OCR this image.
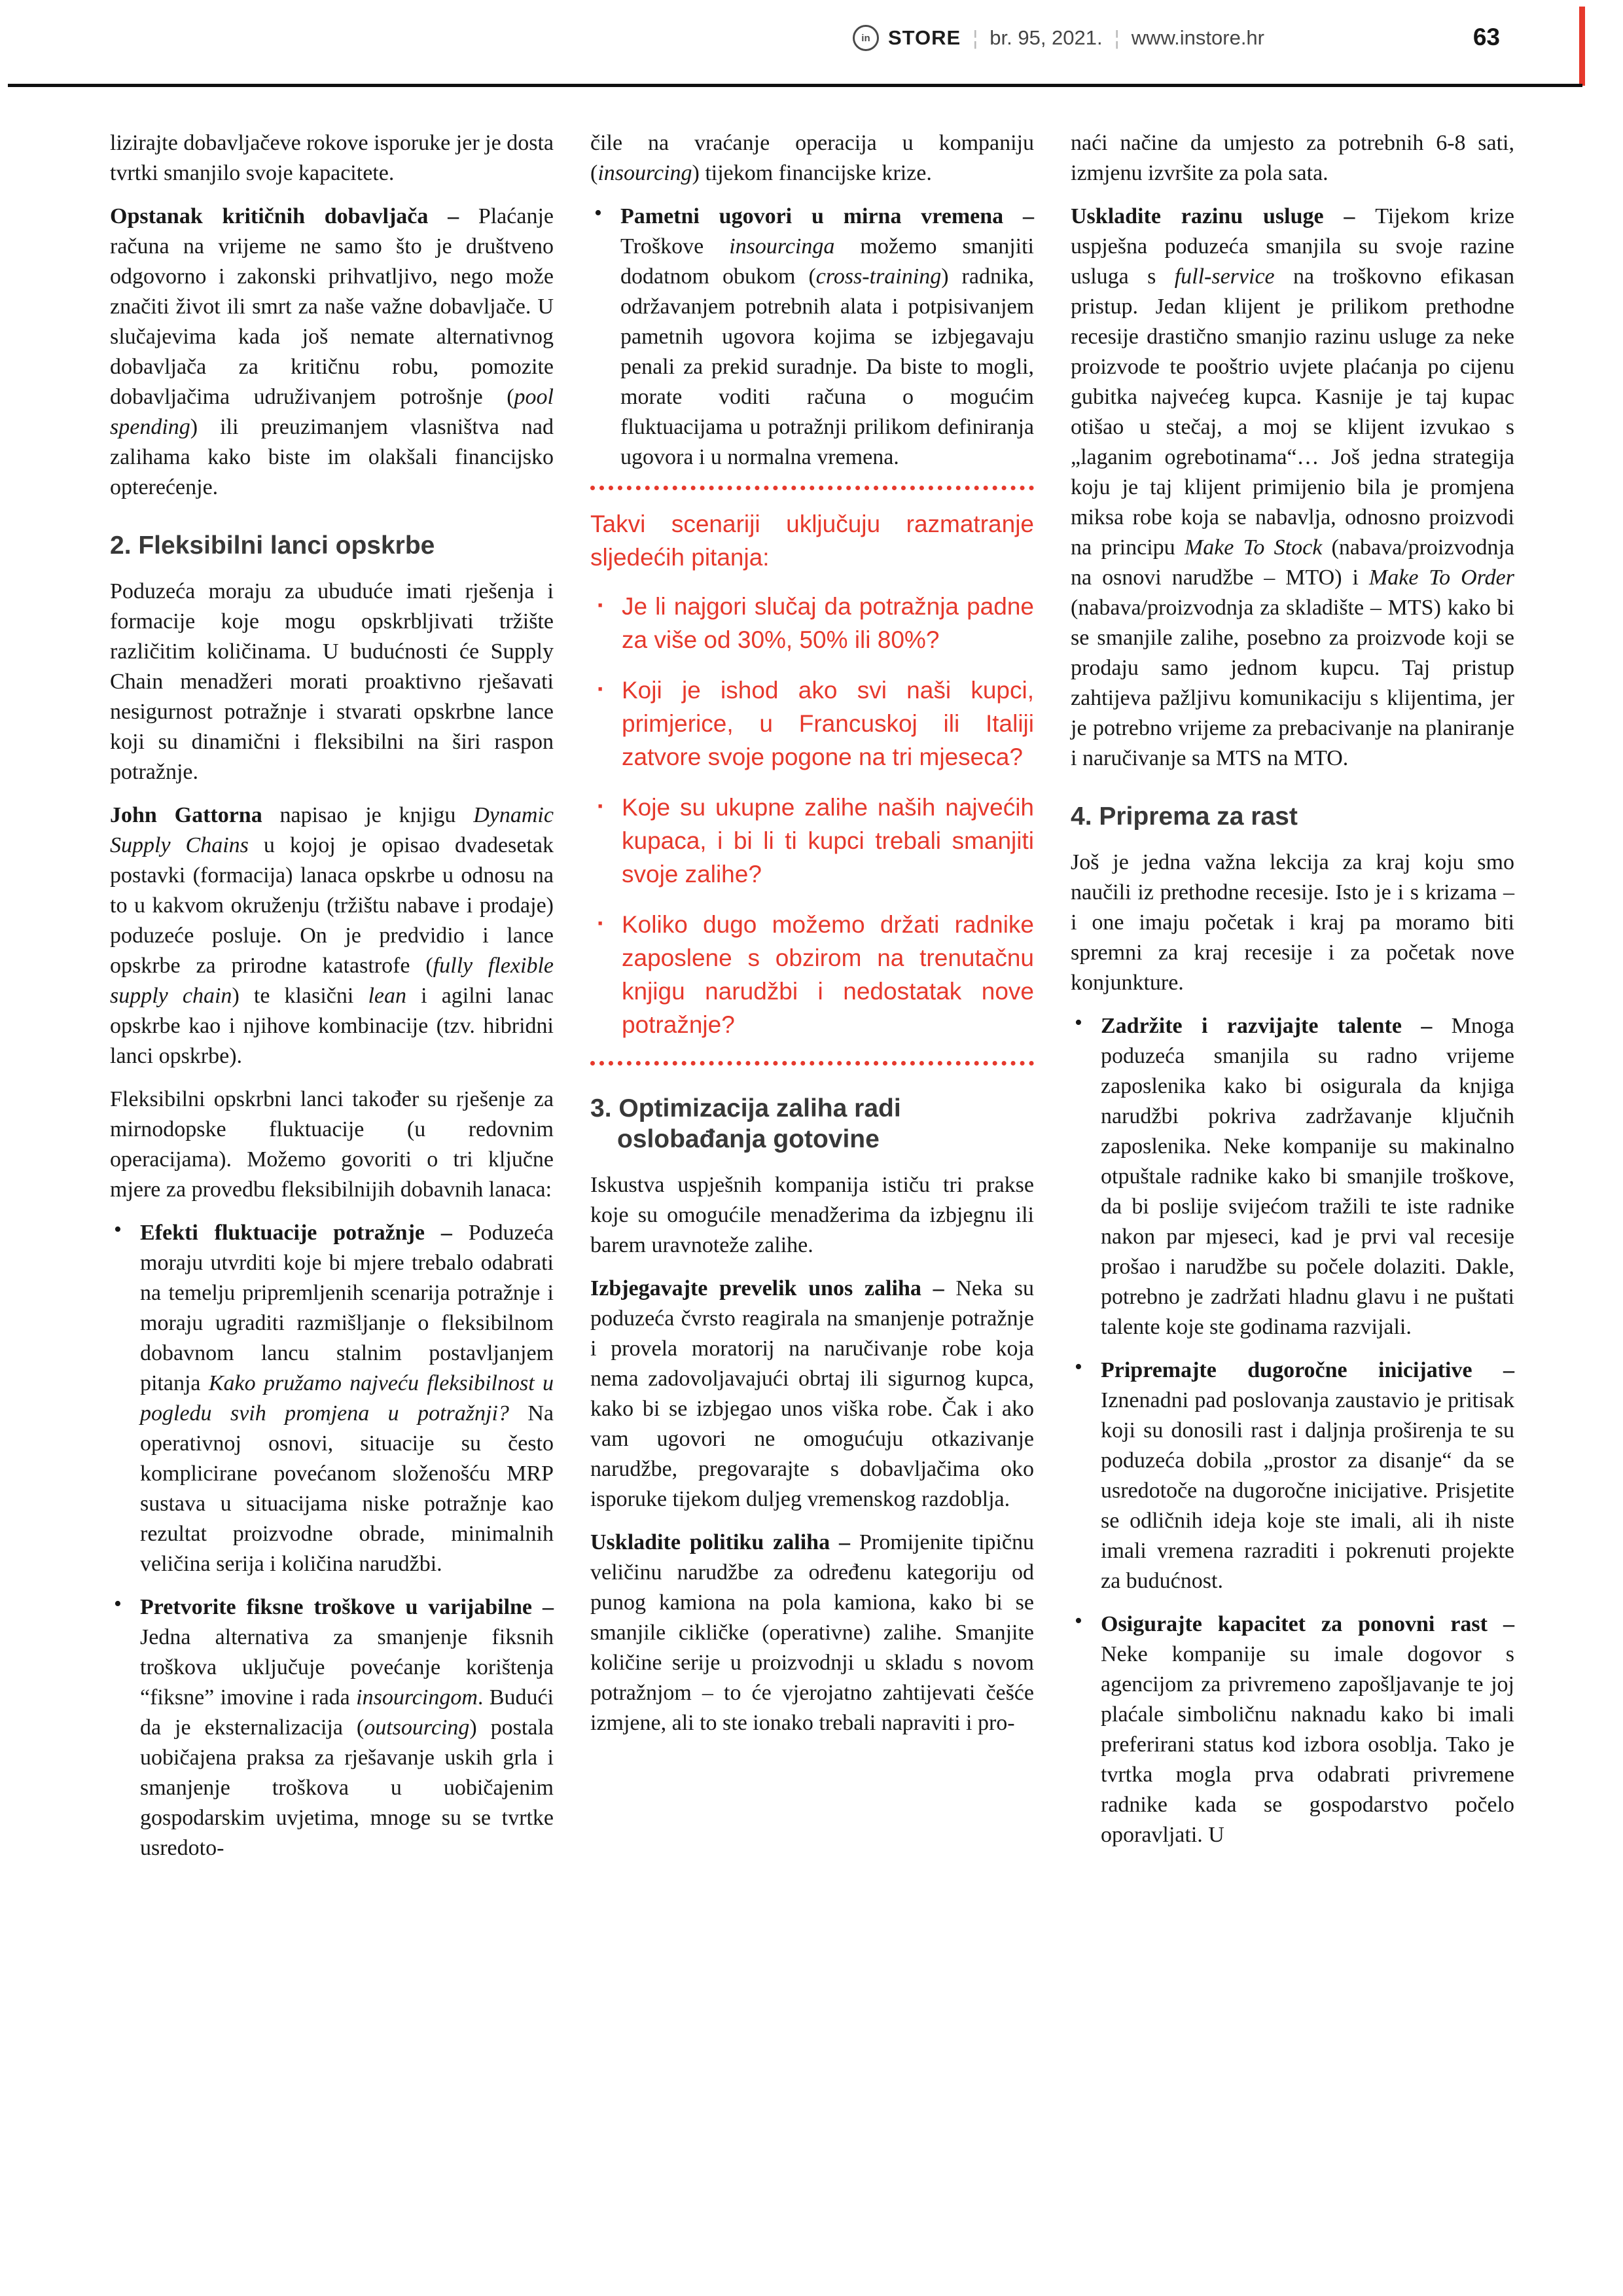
in STORE ¦ br. 95, 2021. ¦ www.instore.hr	63

lizirajte dobavljačeve rokove isporuke jer je dosta tvrtki smanjilo svoje kapacitete.

Opstanak kritičnih dobavljača – Plaćanje računa na vrijeme ne samo što je društveno odgovorno i zakonski prihvatljivo, nego može značiti život ili smrt za naše važne dobavljače. U slučajevima kada još nemate alternativnog dobavljača za kritičnu robu, pomozite dobavljačima udruživanjem potrošnje (pool spending) ili preuzimanjem vlasništva nad zalihama kako biste im olakšali financijsko opterećenje.

2. Fleksibilni lanci opskrbe

Poduzeća moraju za ubuduće imati rješenja i formacije koje mogu opskrbljivati tržište različitim količinama. U budućnosti će Supply Chain menadžeri morati proaktivno rješavati nesigurnost potražnje i stvarati opskrbne lance koji su dinamični i fleksibilni na širi raspon potražnje.

John Gattorna napisao je knjigu Dynamic Supply Chains u kojoj je opisao dvadesetak postavki (formacija) lanaca opskrbe u odnosu na to u kakvom okruženju (tržištu nabave i prodaje) poduzeće posluje. On je predvidio i lance opskrbe za prirodne katastrofe (fully flexible supply chain) te klasični lean i agilni lanac opskrbe kao i njihove kombinacije (tzv. hibridni lanci opskrbe).

Fleksibilni opskrbni lanci također su rješenje za mirnodopske fluktuacije (u redovnim operacijama). Možemo govoriti o tri ključne mjere za provedbu fleksibilnijih dobavnih lanaca:

• Efekti fluktuacije potražnje – Poduzeća moraju utvrditi koje bi mjere trebalo odabrati na temelju pripremljenih scenarija potražnje i moraju ugraditi razmišljanje o fleksibilnom dobavnom lancu stalnim postavljanjem pitanja Kako pružamo najveću fleksibilnost u pogledu svih promjena u potražnji? Na operativnoj osnovi, situacije su često komplicirane povećanom složenošću MRP sustava u situacijama niske potražnje kao rezultat proizvodne obrade, minimalnih veličina serija i količina narudžbi.

• Pretvorite fiksne troškove u varijabilne – Jedna alternativa za smanjenje fiksnih troškova uključuje povećanje korištenja “fiksne” imovine i rada insourcingom. Budući da je eksternalizacija (outsourcing) postala uobičajena praksa za rješavanje uskih grla i smanjenje troškova u uobičajenim gospodarskim uvjetima, mnoge su se tvrtke usredoto-

čile na vraćanje operacija u kompaniju (insourcing) tijekom financijske krize.

• Pametni ugovori u mirna vremena – Troškove insourcinga možemo smanjiti dodatnom obukom (cross-training) radnika, održavanjem potrebnih alata i potpisivanjem pametnih ugovora kojima se izbjegavaju penali za prekid suradnje. Da biste to mogli, morate voditi računa o mogućim fluktuacijama u potražnji prilikom definiranja ugovora i u normalna vremena.

Takvi scenariji uključuju razmatranje sljedećih pitanja:

· Je li najgori slučaj da potražnja padne za više od 30%, 50% ili 80%?
· Koji je ishod ako svi naši kupci, primjerice, u Francuskoj ili Italiji zatvore svoje pogone na tri mjeseca?
· Koje su ukupne zalihe naših najvećih kupaca, i bi li ti kupci trebali smanjiti svoje zalihe?
· Koliko dugo možemo držati radnike zaposlene s obzirom na trenutačnu knjigu narudžbi i nedostatak nove potražnje?
3. Optimizacija zaliha radi oslobađanja gotovine

Iskustva uspješnih kompanija ističu tri prakse koje su omogućile menadžerima da izbjegnu ili barem uravnoteže zalihe.

Izbjegavajte prevelik unos zaliha – Neka su poduzeća čvrsto reagirala na smanjenje potražnje i provela moratorij na naručivanje robe koja nema zadovoljavajući obrtaj ili sigurnog kupca, kako bi se izbjegao unos viška robe. Čak i ako vam ugovori ne omogućuju otkazivanje narudžbe, pregovarajte s dobavljačima oko isporuke tijekom duljeg vremenskog razdoblja.

Uskladite politiku zaliha – Promijenite tipičnu veličinu narudžbe za određenu kategoriju od punog kamiona na pola kamiona, kako bi se smanjile cikličke (operativne) zalihe. Smanjite količine serije u proizvodnji u skladu s novom potražnjom – to će vjerojatno zahtijevati češće izmjene, ali to ste ionako trebali napraviti i pro-

naći načine da umjesto za potrebnih 6-8 sati, izmjenu izvršite za pola sata.

Uskladite razinu usluge – Tijekom krize uspješna poduzeća smanjila su svoje razine usluga s full-service na troškovno efikasan pristup. Jedan klijent je prilikom prethodne recesije drastično smanjio razinu usluge za neke proizvode te pooštrio uvjete plaćanja po cijenu gubitka najvećeg kupca. Kasnije je taj kupac otišao u stečaj, a moj se klijent izvukao s „laganim ogrebotinama“… Još jedna strategija koju je taj klijent primijenio bila je promjena miksa robe koja se nabavlja, odnosno proizvodi na principu Make To Stock (nabava/proizvodnja na osnovi narudžbe – MTO) i Make To Order (nabava/proizvodnja za skladište – MTS) kako bi se smanjile zalihe, posebno za proizvode koji se prodaju samo jednom kupcu. Taj pristup zahtijeva pažljivu komunikaciju s klijentima, jer je potrebno vrijeme za prebacivanje na planiranje i naručivanje sa MTS na MTO.

4. Priprema za rast

Još je jedna važna lekcija za kraj koju smo naučili iz prethodne recesije. Isto je i s krizama – i one imaju početak i kraj pa moramo biti spremni za kraj recesije i za početak nove konjunkture.

• Zadržite i razvijajte talente – Mnoga poduzeća smanjila su radno vrijeme zaposlenika kako bi osigurala da knjiga narudžbi pokriva zadržavanje ključnih zaposlenika. Neke kompanije su makinalno otpuštale radnike kako bi smanjile troškove, da bi poslije svijećom tražili te iste radnike nakon par mjeseci, kad je prvi val recesije prošao i narudžbe su počele dolaziti. Dakle, potrebno je zadržati hladnu glavu i ne puštati talente koje ste godinama razvijali.

• Pripremajte dugoročne inicijative – Iznenadni pad poslovanja zaustavio je pritisak koji su donosili rast i daljnja proširenja te su poduzeća dobila „prostor za disanje“ da se usredotoče na dugoročne inicijative. Prisjetite se odličnih ideja koje ste imali, ali ih niste imali vremena razraditi i pokrenuti projekte za budućnost.

• Osigurajte kapacitet za ponovni rast – Neke kompanije su imale dogovor s agencijom za privremeno zapošljavanje te joj plaćale simboličnu naknadu kako bi imali preferirani status kod izbora osoblja. Tako je tvrtka mogla prva odabrati privremene radnike kada se gospodarstvo počelo oporavljati. U
